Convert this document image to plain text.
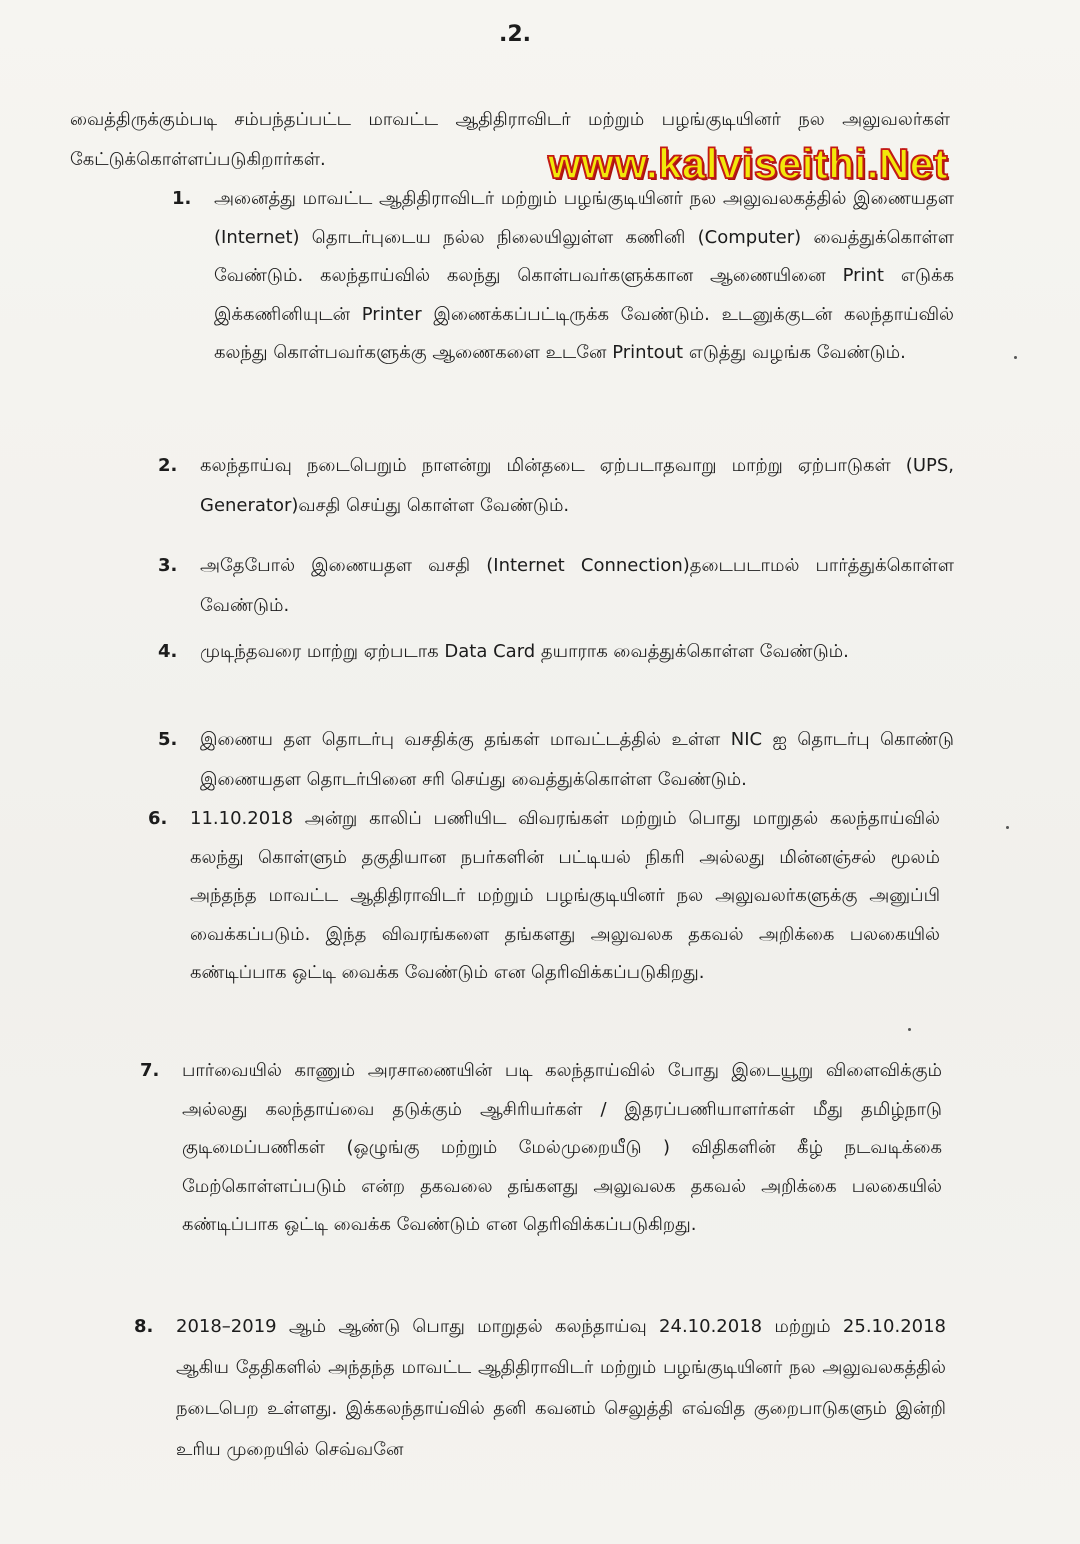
.2.
வைத்திருக்கும்படி சம்பந்தப்பட்ட மாவட்ட ஆதிதிராவிடர் மற்றும் பழங்குடியினர் நல அலுவலர்கள் கேட்டுக்கொள்ளப்படுகிறார்கள்.
1. அனைத்து மாவட்ட ஆதிதிராவிடர் மற்றும் பழங்குடியினர் நல அலுவலகத்தில் இணையதள (Internet) தொடர்புடைய நல்ல நிலையிலுள்ள கணினி (Computer) வைத்துக்கொள்ள வேண்டும். கலந்தாய்வில் கலந்து கொள்பவர்களுக்கான ஆணையினை Print எடுக்க இக்கணினியுடன் Printer இணைக்கப்பட்டிருக்க வேண்டும். உடனுக்குடன் கலந்தாய்வில் கலந்து கொள்பவர்களுக்கு ஆணைகளை உடனே Printout எடுத்து வழங்க வேண்டும்.
2. கலந்தாய்வு நடைபெறும் நாளன்று மின்தடை ஏற்படாதவாறு மாற்று ஏற்பாடுகள் (UPS, Generator)வசதி செய்து கொள்ள வேண்டும்.
3. அதேபோல் இணையதள வசதி (Internet Connection)தடைபடாமல் பார்த்துக்கொள்ள வேண்டும்.
4. முடிந்தவரை மாற்று ஏற்படாக Data Card தயாராக வைத்துக்கொள்ள வேண்டும்.
5. இணைய தள தொடர்பு வசதிக்கு தங்கள் மாவட்டத்தில் உள்ள NIC ஐ தொடர்பு கொண்டு இணையதள தொடர்பினை சரி செய்து வைத்துக்கொள்ள வேண்டும்.
6. 11.10.2018 அன்று காலிப் பணியிட விவரங்கள் மற்றும் பொது மாறுதல் கலந்தாய்வில் கலந்து கொள்ளும் தகுதியான நபர்களின் பட்டியல் நிகரி அல்லது மின்னஞ்சல் மூலம் அந்தந்த மாவட்ட ஆதிதிராவிடர் மற்றும் பழங்குடியினர் நல அலுவலர்களுக்கு அனுப்பி வைக்கப்படும். இந்த விவரங்களை தங்களது அலுவலக தகவல் அறிக்கை பலகையில் கண்டிப்பாக ஒட்டி வைக்க வேண்டும் என தெரிவிக்கப்படுகிறது.
7. பார்வையில் காணும் அரசாணையின் படி கலந்தாய்வில் போது இடையூறு விளைவிக்கும் அல்லது கலந்தாய்வை தடுக்கும் ஆசிரியர்கள் / இதரப்பணியாளர்கள் மீது தமிழ்நாடு குடிமைப்பணிகள் (ஒழுங்கு மற்றும் மேல்முறையீடு ) விதிகளின் கீழ் நடவடிக்கை மேற்கொள்ளப்படும் என்ற தகவலை தங்களது அலுவலக தகவல் அறிக்கை பலகையில் கண்டிப்பாக ஒட்டி வைக்க வேண்டும் என தெரிவிக்கப்படுகிறது.
8. 2018–2019 ஆம் ஆண்டு பொது மாறுதல் கலந்தாய்வு 24.10.2018 மற்றும் 25.10.2018 ஆகிய தேதிகளில் அந்தந்த மாவட்ட ஆதிதிராவிடர் மற்றும் பழங்குடியினர் நல அலுவலகத்தில் நடைபெற உள்ளது. இக்கலந்தாய்வில் தனி கவனம் செலுத்தி எவ்வித குறைபாடுகளும் இன்றி உரிய முறையில் செவ்வனே
www.kalviseithi.Net
